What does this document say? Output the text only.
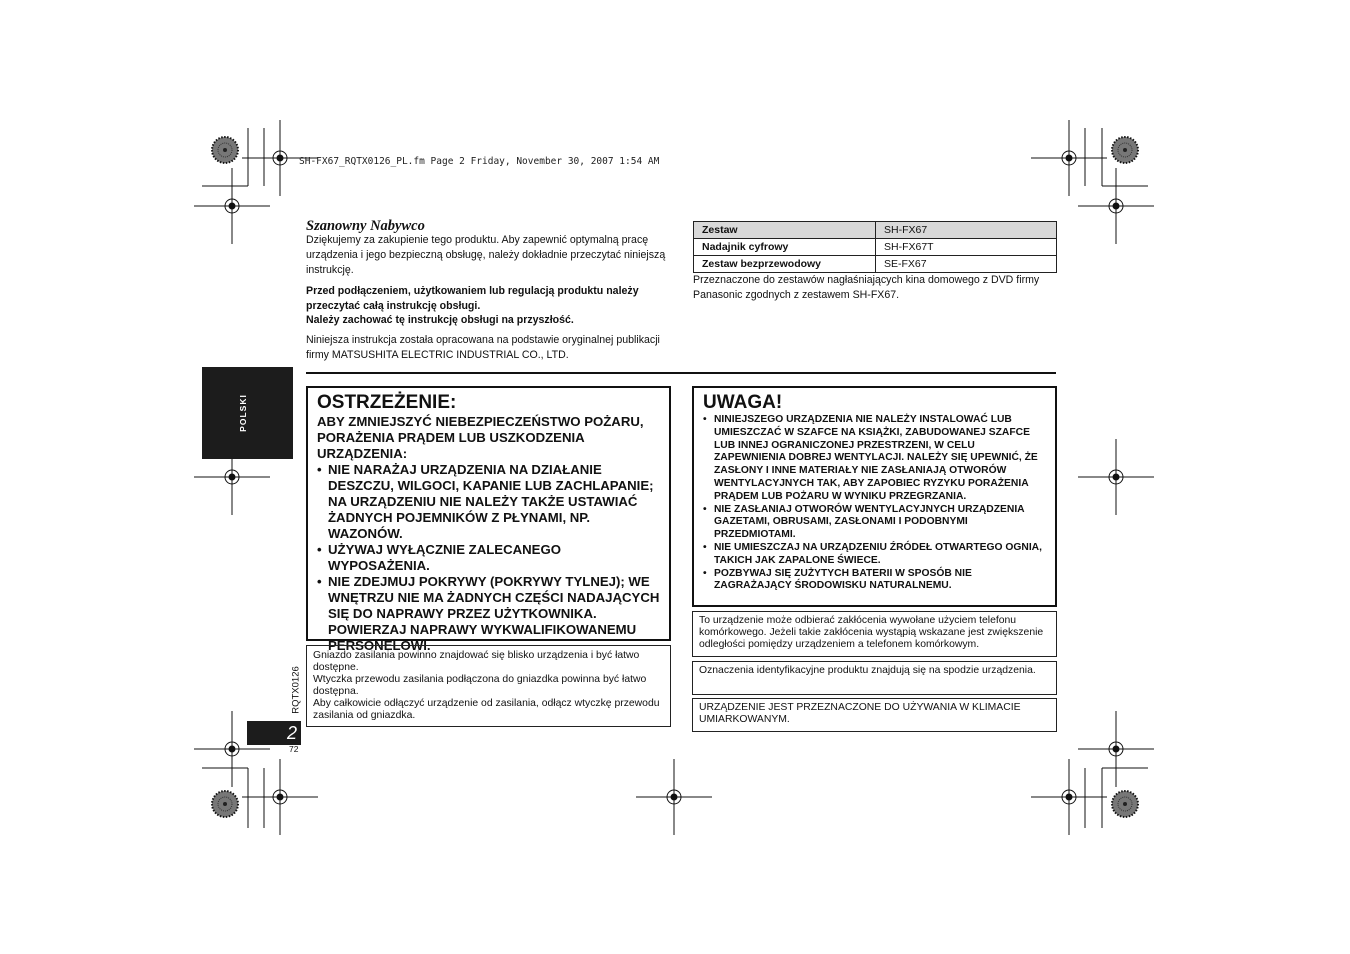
SH-FX67_RQTX0126_PL.fm Page 2 Friday, November 30, 2007 1:54 AM
POLSKI
Szanowny Nabywco
Dziękujemy za zakupienie tego produktu. Aby zapewnić optymalną pracę urządzenia i jego bezpieczną obsługę, należy dokładnie przeczytać niniejszą instrukcję.
Przed podłączeniem, użytkowaniem lub regulacją produktu należy przeczytać całą instrukcję obsługi.
Należy zachować tę instrukcję obsługi na przyszłość.
Niniejsza instrukcja została opracowana na podstawie oryginalnej publikacji firmy MATSUSHITA ELECTRIC INDUSTRIAL CO., LTD.
Zestaw	SH-FX67
Nadajnik cyfrowy	SH-FX67T
Zestaw bezprzewodowy	SE-FX67
Przeznaczone do zestawów nagłaśniających kina domowego z DVD firmy Panasonic zgodnych z zestawem SH-FX67.
OSTRZEŻENIE:
ABY ZMNIEJSZYĆ NIEBEZPIECZEŃSTWO POŻARU, PORAŻENIA PRĄDEM LUB USZKODZENIA URZĄDZENIA:
• NIE NARAŻAJ URZĄDZENIA NA DZIAŁANIE DESZCZU, WILGOCI, KAPANIE LUB ZACHLAPANIE; NA URZĄDZENIU NIE NALEŻY TAKŻE USTAWIAĆ ŻADNYCH POJEMNIKÓW Z PŁYNAMI, NP. WAZONÓW.
• UŻYWAJ WYŁĄCZNIE ZALECANEGO WYPOSAŻENIA.
• NIE ZDEJMUJ POKRYWY (POKRYWY TYLNEJ); WE WNĘTRZU NIE MA ŻADNYCH CZĘŚCI NADAJĄCYCH SIĘ DO NAPRAWY PRZEZ UŻYTKOWNIKA. POWIERZAJ NAPRAWY WYKWALIFIKOWANEMU PERSONELOWI.
Gniazdo zasilania powinno znajdować się blisko urządzenia i być łatwo dostępne.
Wtyczka przewodu zasilania podłączona do gniazdka powinna być łatwo dostępna.
Aby całkowicie odłączyć urządzenie od zasilania, odłącz wtyczkę przewodu zasilania od gniazdka.
UWAGA!
• NINIEJSZEGO URZĄDZENIA NIE NALEŻY INSTALOWAĆ LUB UMIESZCZAĆ W SZAFCE NA KSIĄŻKI, ZABUDOWANEJ SZAFCE LUB INNEJ OGRANICZONEJ PRZESTRZENI, W CELU ZAPEWNIENIA DOBREJ WENTYLACJI. NALEŻY SIĘ UPEWNIĆ, ŻE ZASŁONY I INNE MATERIAŁY NIE ZASŁANIAJĄ OTWORÓW WENTYLACYJNYCH TAK, ABY ZAPOBIEC RYZYKU PORAŻENIA PRĄDEM LUB POŻARU W WYNIKU PRZEGRZANIA.
• NIE ZASŁANIAJ OTWORÓW WENTYLACYJNYCH URZĄDZENIA GAZETAMI, OBRUSAMI, ZASŁONAMI I PODOBNYMI PRZEDMIOTAMI.
• NIE UMIESZCZAJ NA URZĄDZENIU ŹRÓDEŁ OTWARTEGO OGNIA, TAKICH JAK ZAPALONE ŚWIECE.
• POZBYWAJ SIĘ ZUŻYTYCH BATERII W SPOSÓB NIE ZAGRAŻAJĄCY ŚRODOWISKU NATURALNEMU.
To urządzenie może odbierać zakłócenia wywołane użyciem telefonu komórkowego. Jeżeli takie zakłócenia wystąpią wskazane jest zwiększenie odległości pomiędzy urządzeniem a telefonem komórkowym.
Oznaczenia identyfikacyjne produktu znajdują się na spodzie urządzenia.
URZĄDZENIE JEST PRZEZNACZONE DO UŻYWANIA W KLIMACIE UMIARKOWANYM.
RQTX0126
2
72
